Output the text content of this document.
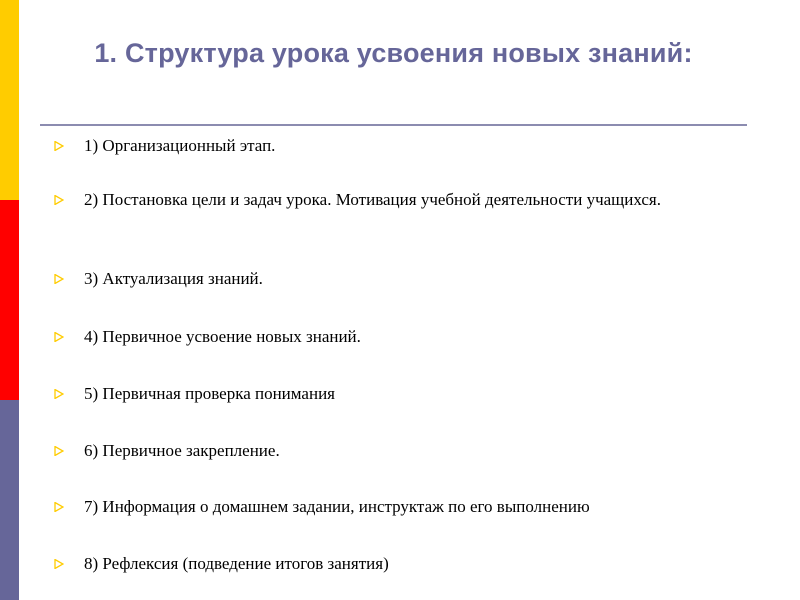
1. Структура урока усвоения новых знаний:
1) Организационный этап.
2) Постановка цели и задач урока. Мотивация учебной деятельности учащихся.
3) Актуализация знаний.
4) Первичное усвоение новых знаний.
5) Первичная проверка понимания
6) Первичное закрепление.
7) Информация о домашнем задании, инструктаж по его выполнению
8) Рефлексия (подведение итогов занятия)
